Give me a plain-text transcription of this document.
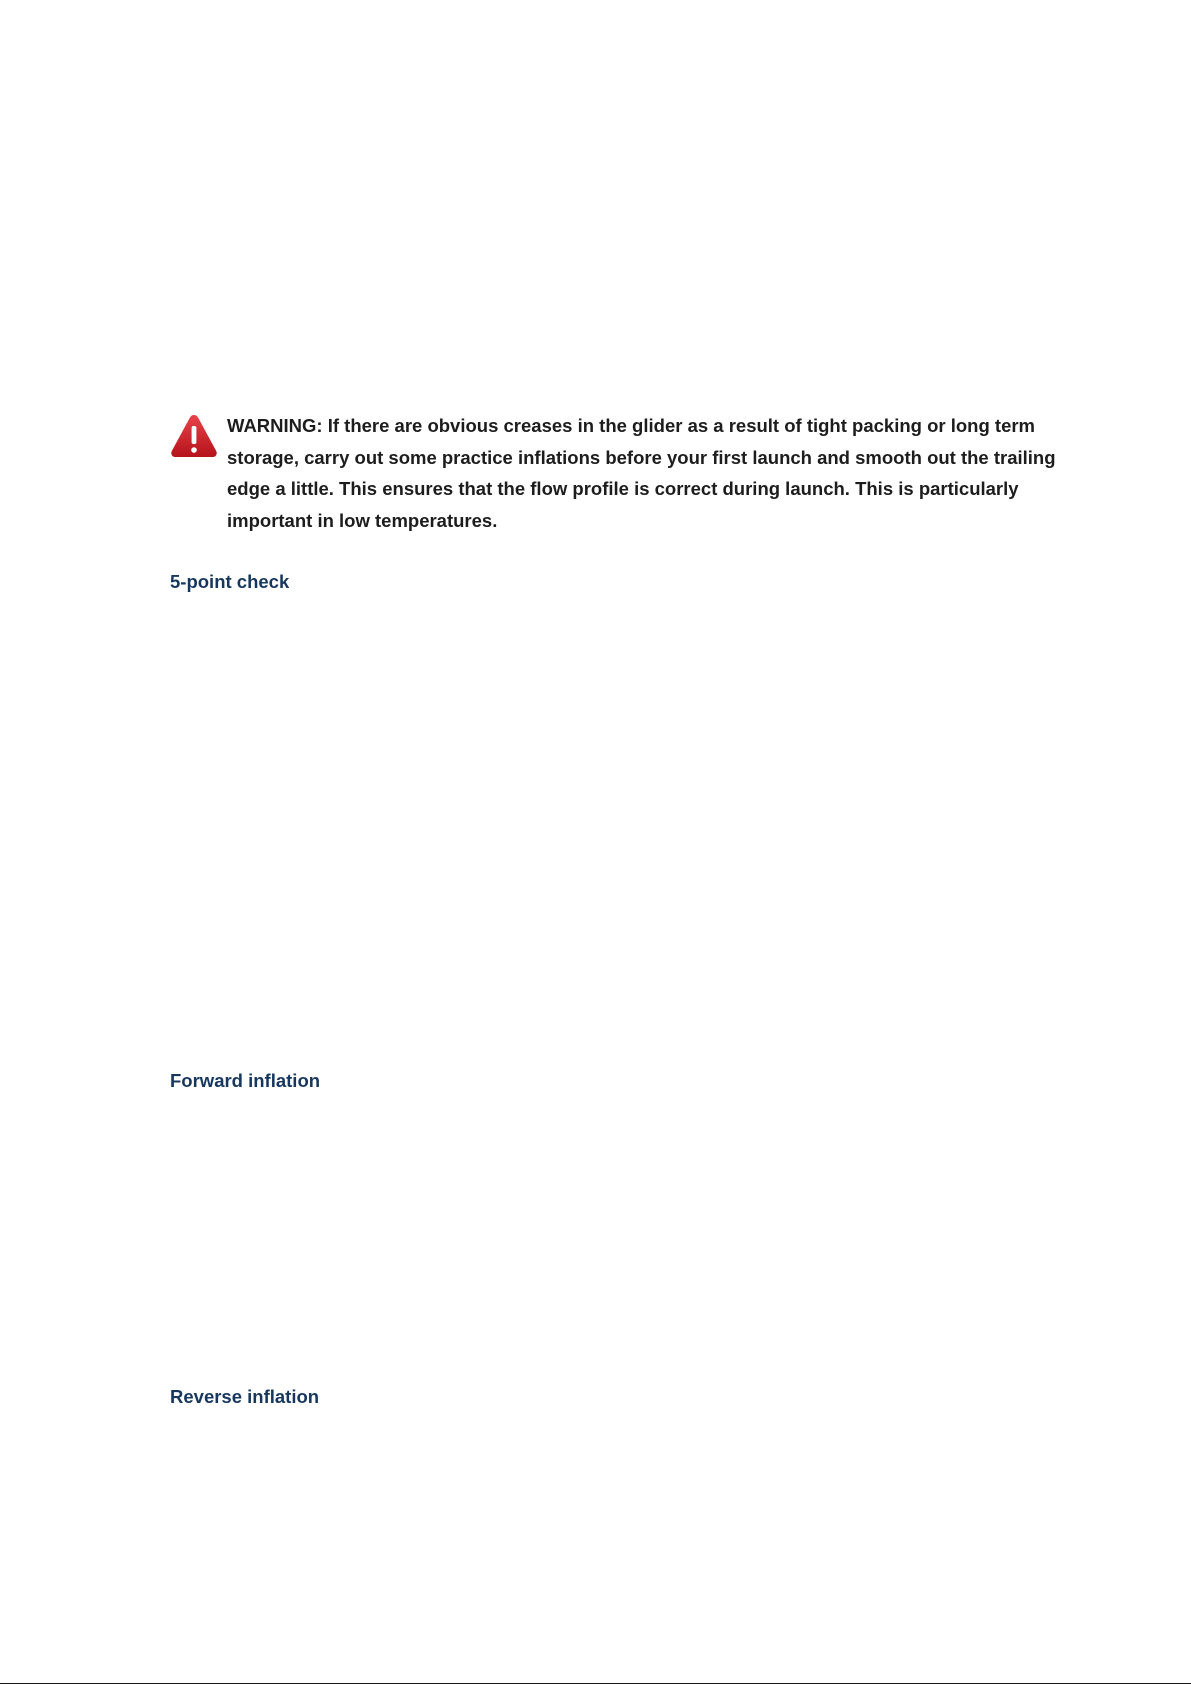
WARNING: If there are obvious creases in the glider as a result of tight packing or long term storage, carry out some practice inflations before your first launch and smooth out the trailing edge a little. This ensures that the flow profile is correct during launch. This is particularly important in low temperatures.
5-point check
Forward inflation
Reverse inflation
